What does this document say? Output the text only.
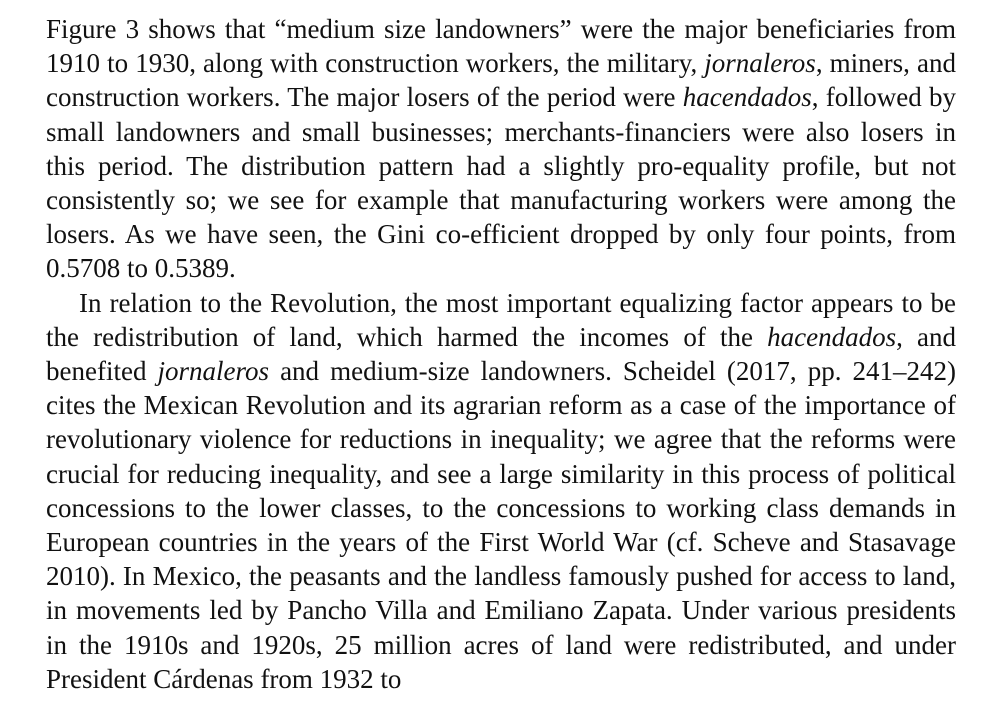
Figure 3 shows that “medium size landowners” were the major beneficiaries from 1910 to 1930, along with construction workers, the military, jornaleros, miners, and construction workers. The major losers of the period were hacendados, followed by small landowners and small businesses; merchants-financiers were also losers in this period. The distribution pattern had a slightly pro-equality profile, but not consistently so; we see for example that manufacturing workers were among the losers. As we have seen, the Gini co-efficient dropped by only four points, from 0.5708 to 0.5389.

In relation to the Revolution, the most important equalizing factor appears to be the redistribution of land, which harmed the incomes of the hacendados, and benefited jornaleros and medium-size landowners. Scheidel (2017, pp. 241–242) cites the Mexican Revolution and its agrarian reform as a case of the importance of revolutionary violence for reductions in inequality; we agree that the reforms were crucial for reducing inequality, and see a large similarity in this process of political concessions to the lower classes, to the concessions to working class demands in European countries in the years of the First World War (cf. Scheve and Stasavage 2010). In Mexico, the peasants and the landless famously pushed for access to land, in movements led by Pancho Villa and Emiliano Zapata. Under various presidents in the 1910s and 1920s, 25 million acres of land were redistributed, and under President Cárdenas from 1932 to
